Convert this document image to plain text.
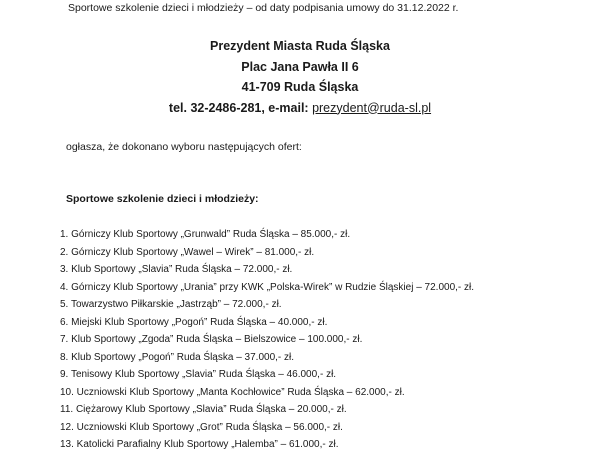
Sportowe szkolenie dzieci i młodzieży – od daty podpisania umowy do 31.12.2022 r.
Prezydent Miasta Ruda Śląska
Plac Jana Pawła II 6
41-709 Ruda Śląska
tel. 32-2486-281, e-mail: prezydent@ruda-sl.pl
ogłasza, że dokonano wyboru następujących ofert:
Sportowe szkolenie dzieci i młodzieży:
1. Górniczy Klub Sportowy „Grunwald” Ruda Śląska – 85.000,- zł.
2. Górniczy Klub Sportowy „Wawel – Wirek” – 81.000,- zł.
3. Klub Sportowy „Slavia” Ruda Śląska – 72.000,- zł.
4. Górniczy Klub Sportowy „Urania” przy KWK „Polska-Wirek” w Rudzie Śląskiej – 72.000,- zł.
5. Towarzystwo Piłkarskie „Jastrząb” – 72.000,- zł.
6. Miejski Klub Sportowy „Pogoń” Ruda Śląska – 40.000,- zł.
7. Klub Sportowy „Zgoda” Ruda Śląska – Bielszowice – 100.000,- zł.
8. Klub Sportowy „Pogoń” Ruda Śląska – 37.000,- zł.
9. Tenisowy Klub Sportowy „Slavia” Ruda Śląska – 46.000,- zł.
10. Uczniowski Klub Sportowy „Manta Kochłowice” Ruda Śląska – 62.000,- zł.
11. Ciężarowy Klub Sportowy „Slavia” Ruda Śląska – 20.000,- zł.
12. Uczniowski Klub Sportowy „Grot” Ruda Śląska – 56.000,- zł.
13. Katolicki Parafialny Klub Sportowy „Halemba” – 61.000,- zł.
